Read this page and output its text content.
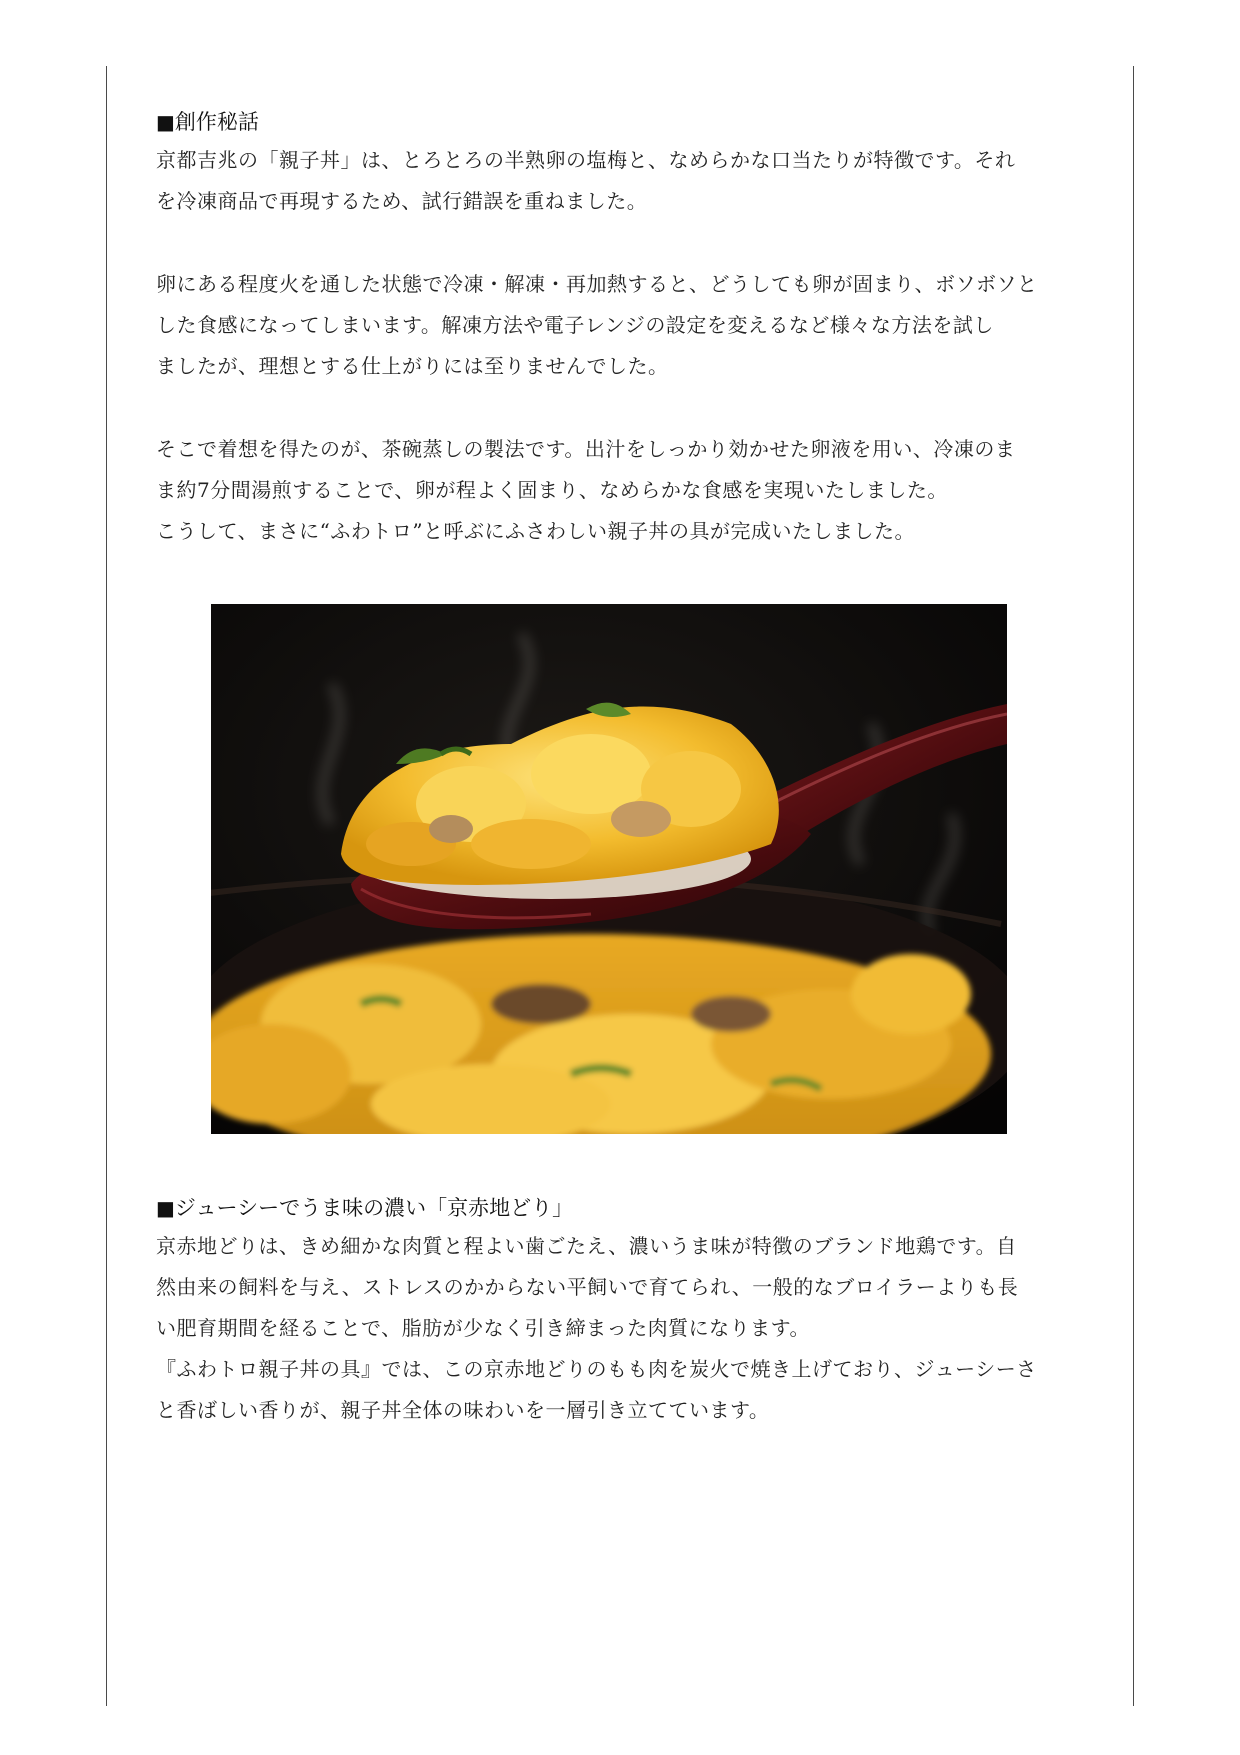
■創作秘話

京都吉兆の「親子丼」は、とろとろの半熟卵の塩梅と、なめらかな口当たりが特徴です。それ

を冷凍商品で再現するため、試行錯誤を重ねました。

卵にある程度火を通した状態で冷凍・解凍・再加熱すると、どうしても卵が固まり、ボソボソと

した食感になってしまいます。解凍方法や電子レンジの設定を変えるなど様々な方法を試し

ましたが、理想とする仕上がりには至りませんでした。

そこで着想を得たのが、茶碗蒸しの製法です。出汁をしっかり効かせた卵液を用い、冷凍のま

ま約7分間湯煎することで、卵が程よく固まり、なめらかな食感を実現いたしました。

こうして、まさに“ふわトロ”と呼ぶにふさわしい親子丼の具が完成いたしました。

■ジューシーでうま味の濃い「京赤地どり」

京赤地どりは、きめ細かな肉質と程よい歯ごたえ、濃いうま味が特徴のブランド地鶏です。自

然由来の飼料を与え、ストレスのかからない平飼いで育てられ、一般的なブロイラーよりも長

い肥育期間を経ることで、脂肪が少なく引き締まった肉質になります。

『ふわトロ親子丼の具』では、この京赤地どりのもも肉を炭火で焼き上げており、ジューシーさ

と香ばしい香りが、親子丼全体の味わいを一層引き立てています。
